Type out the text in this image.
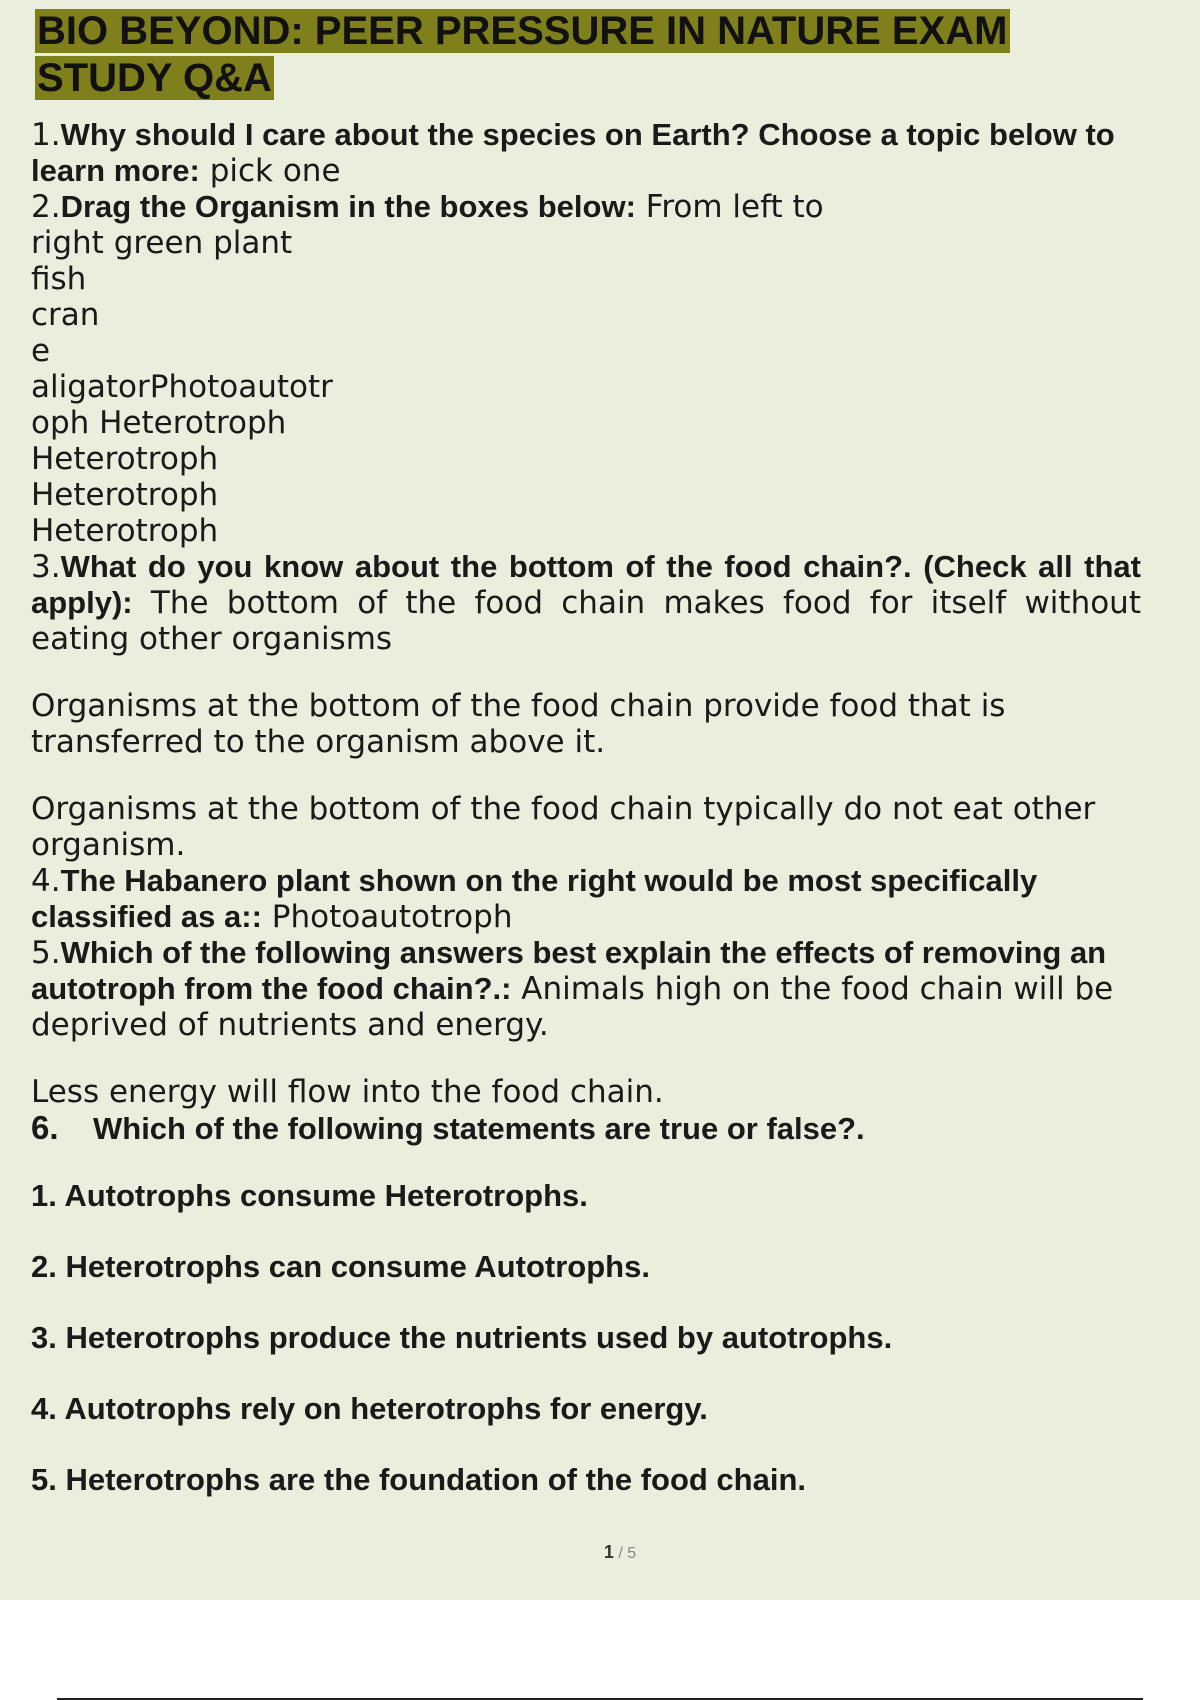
BIO BEYOND: PEER PRESSURE IN NATURE EXAM
STUDY Q&A

1.Why should I care about the species on Earth? Choose a topic below to learn more: pick one

2.Drag the Organism in the boxes below: From left to

right green plant

fish

cran

e

aligatorPhotoautotr

oph Heterotroph

Heterotroph

Heterotroph

Heterotroph

3.What do you know about the bottom of the food chain?. (Check all that apply): The bottom of the food chain makes food for itself without eating other organisms

Organisms at the bottom of the food chain provide food that is transferred to the organism above it.

Organisms at the bottom of the food chain typically do not eat other organism.

4.The Habanero plant shown on the right would be most specifically classified as a:: Photoautotroph

5.Which of the following answers best explain the effects of removing an autotroph from the food chain?.: Animals high on the food chain will be deprived of nutrients and energy.

Less energy will flow into the food chain.

6. Which of the following statements are true or false?.

1. Autotrophs consume Heterotrophs.

2. Heterotrophs can consume Autotrophs.

3. Heterotrophs produce the nutrients used by autotrophs.

4. Autotrophs rely on heterotrophs for energy.

5. Heterotrophs are the foundation of the food chain.

1 / 5
